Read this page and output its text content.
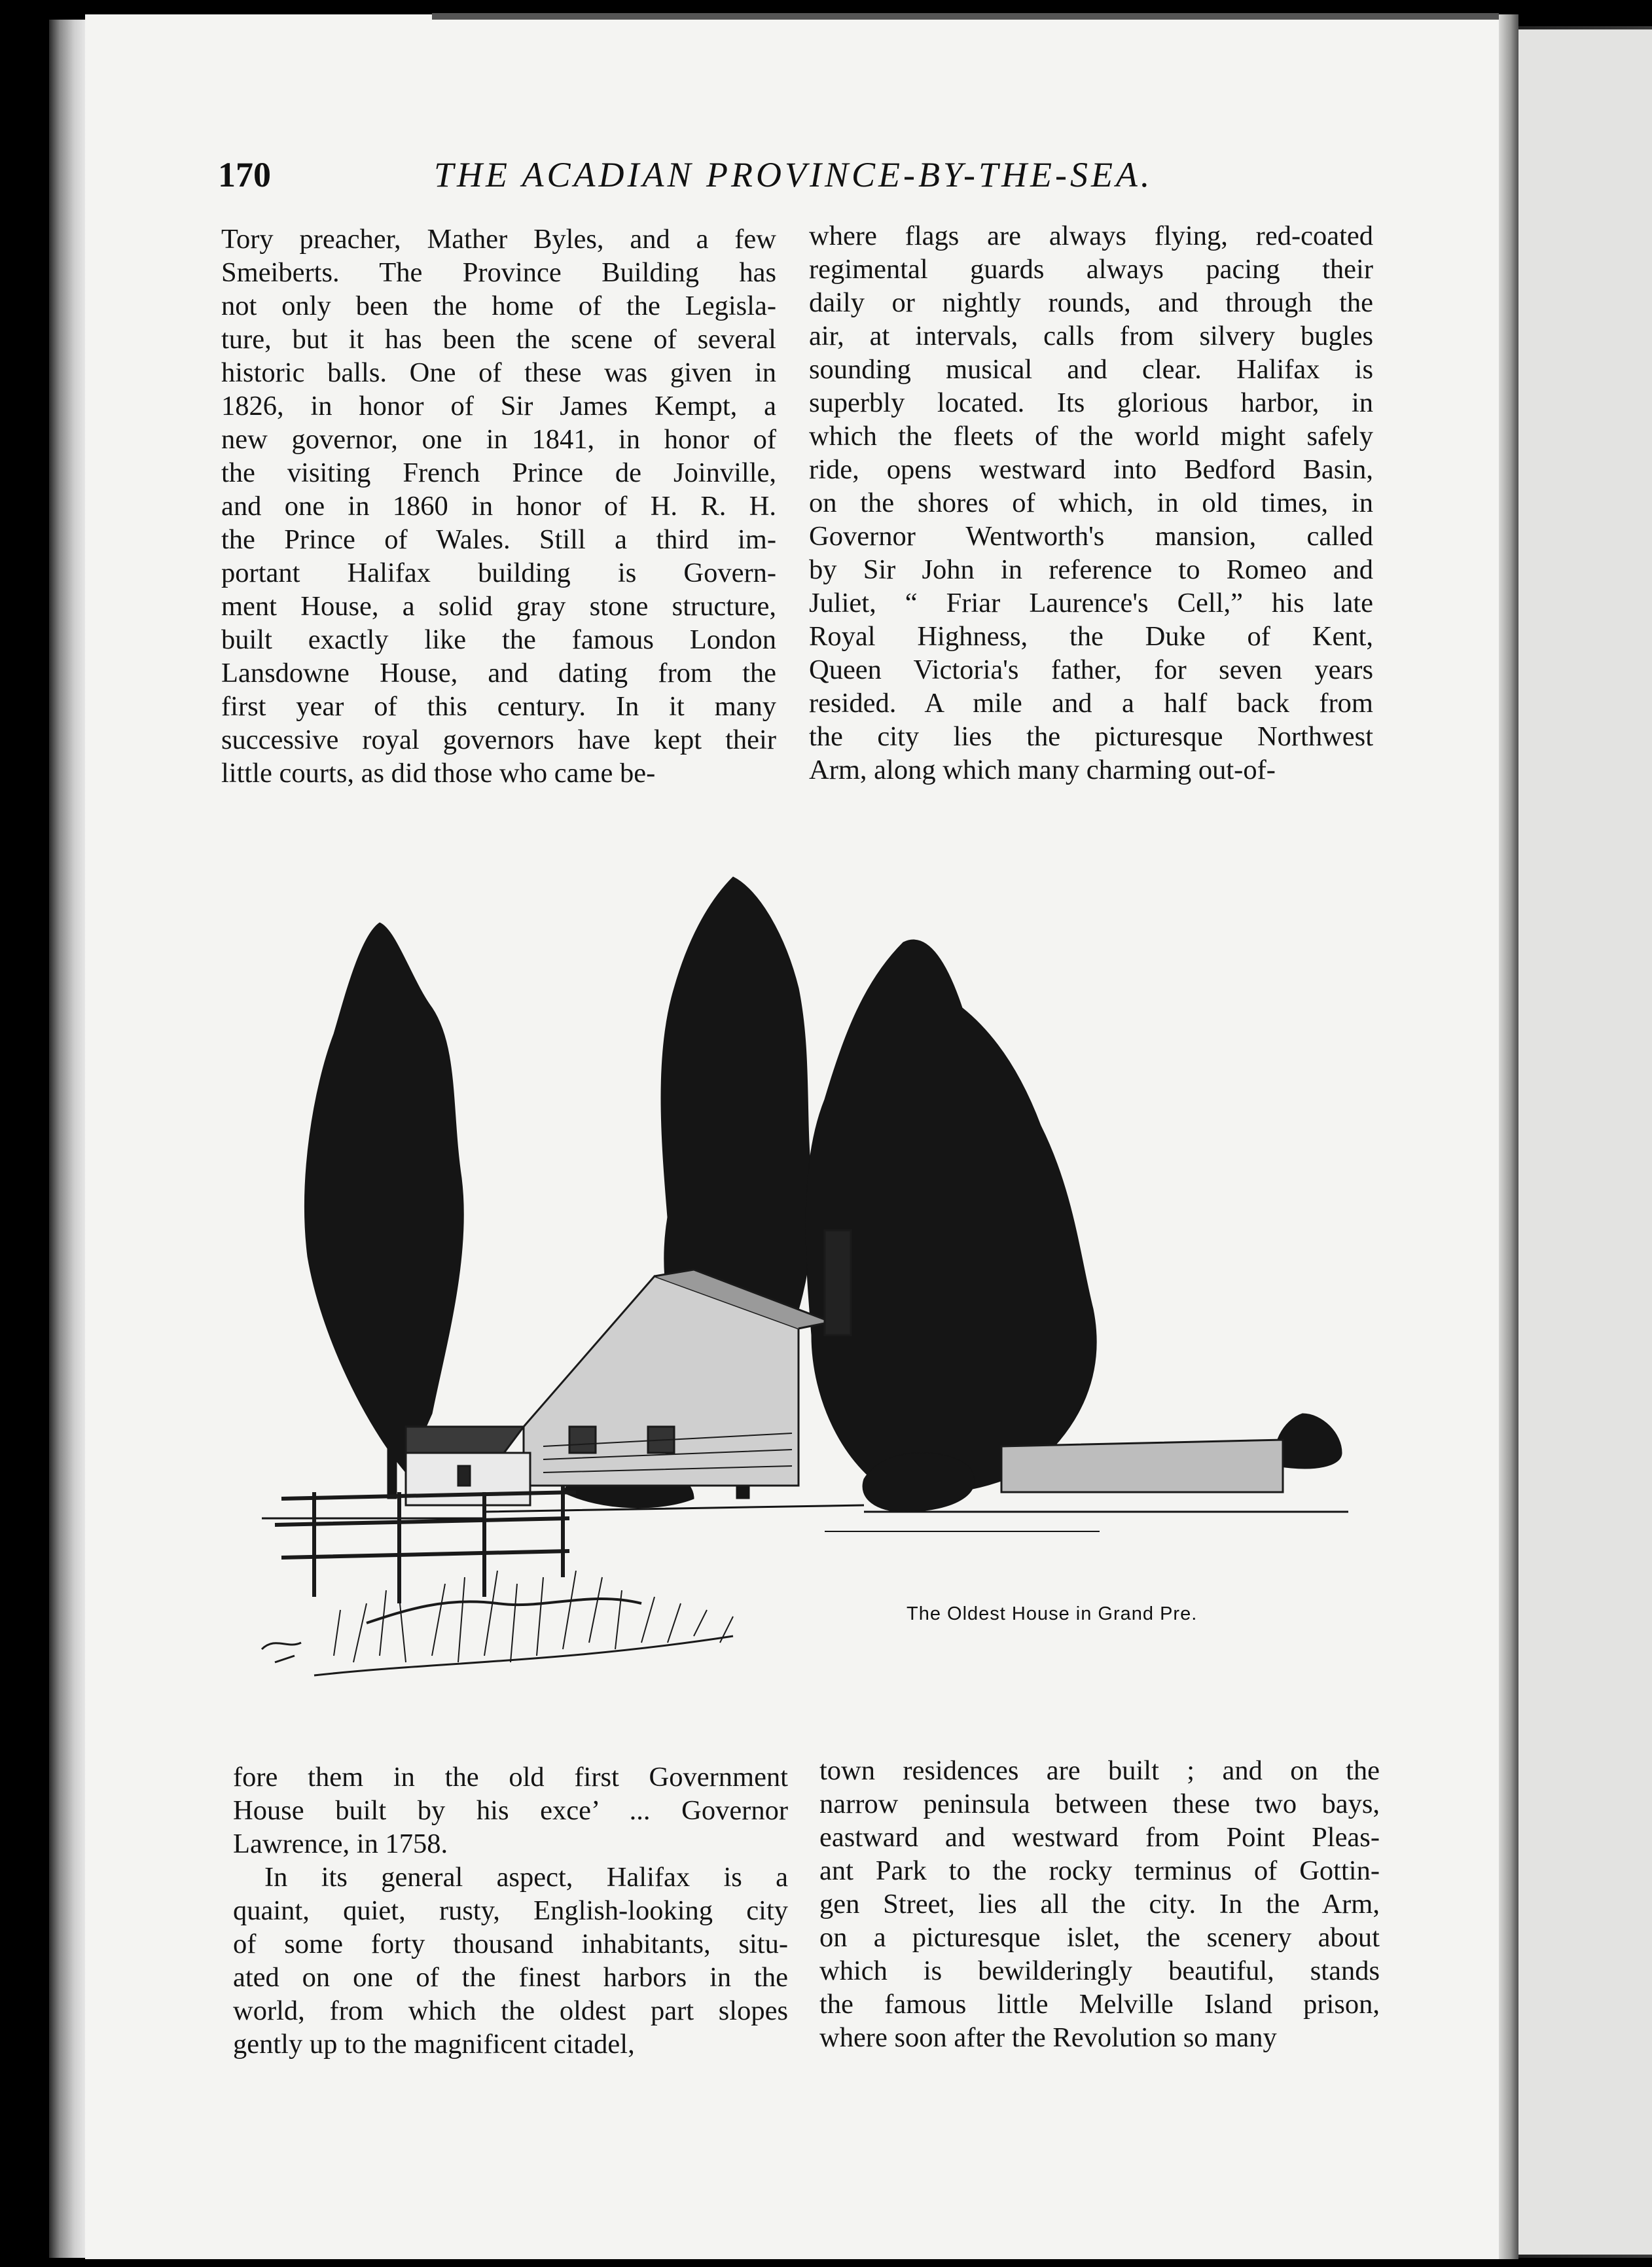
170	THE ACADIAN PROVINCE-BY-THE-SEA.

Tory preacher, Mather Byles, and a few

Smeiberts. The Province Building has

not only been the home of the Legisla-

ture, but it has been the scene of several

historic balls. One of these was given in

1826, in honor of Sir James Kempt, a

new governor, one in 1841, in honor of

the visiting French Prince de Joinville,

and one in 1860 in honor of H. R. H.

the Prince of Wales. Still a third im-

portant Halifax building is Govern-

ment House, a solid gray stone structure,

built exactly like the famous London

Lansdowne House, and dating from the

first year of this century. In it many

successive royal governors have kept their

little courts, as did those who came be-

where flags are always flying, red-coated

regimental guards always pacing their

daily or nightly rounds, and through the

air, at intervals, calls from silvery bugles

sounding musical and clear. Halifax is

superbly located. Its glorious harbor, in

which the fleets of the world might safely

ride, opens westward into Bedford Basin,

on the shores of which, in old times, in

Governor Wentworth's mansion, called

by Sir John in reference to Romeo and

Juliet, “ Friar Laurence's Cell,” his late

Royal Highness, the Duke of Kent,

Queen Victoria's father, for seven years

resided. A mile and a half back from

the city lies the picturesque Northwest

Arm, along which many charming out-of-

The Oldest House in Grand Pre.

fore them in the old first Government

House built by his exce’ ... Governor

Lawrence, in 1758.

In its general aspect, Halifax is a

quaint, quiet, rusty, English-looking city

of some forty thousand inhabitants, situ-

ated on one of the finest harbors in the

world, from which the oldest part slopes

gently up to the magnificent citadel,

town residences are built ; and on the

narrow peninsula between these two bays,

eastward and westward from Point Pleas-

ant Park to the rocky terminus of Gottin-

gen Street, lies all the city. In the Arm,

on a picturesque islet, the scenery about

which is bewilderingly beautiful, stands

the famous little Melville Island prison,

where soon after the Revolution so many
